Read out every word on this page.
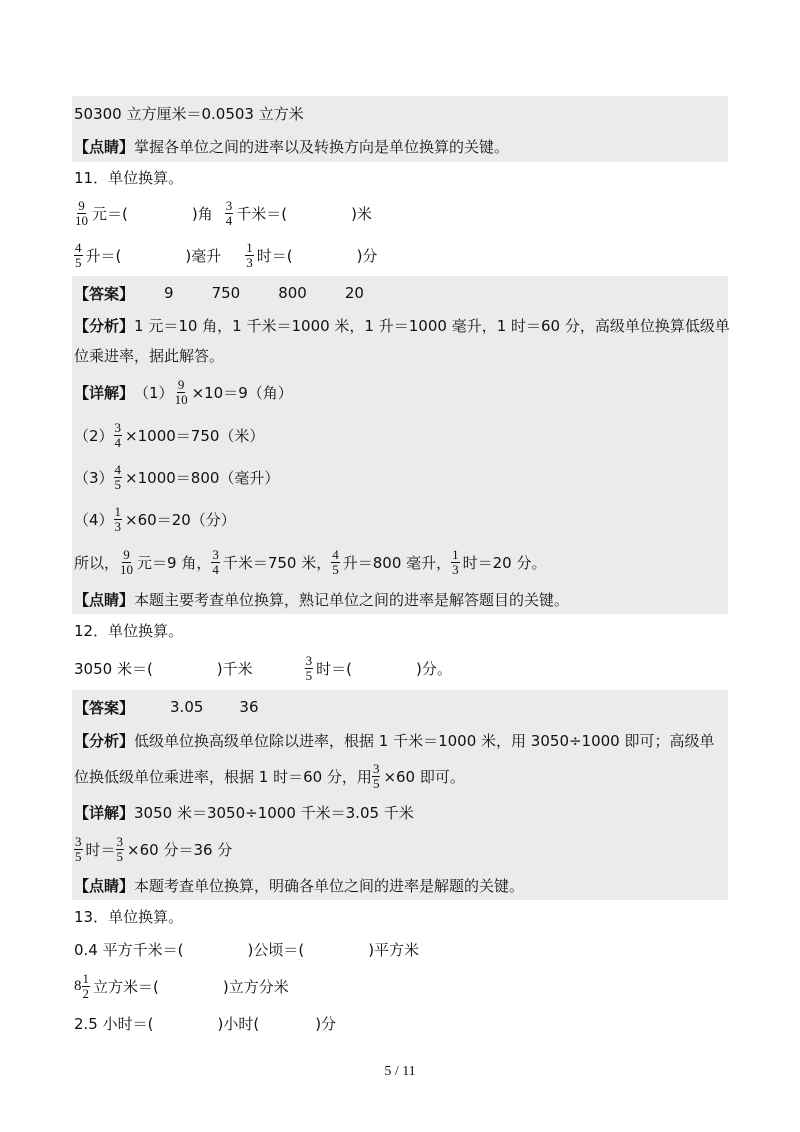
50300 立方厘米＝0.0503 立方米
【点睛】 掌握各单位之间的进率以及转换方向是单位换算的关键。
11．单位换算。
$\frac{9}{10}$ 元＝(	)角 $\frac{3}{4}$ 千米＝(	)米
$\frac{4}{5}$ 升＝(	)毫升 $\frac{1}{3}$ 时＝(	)分
【答案】 9	750	800	20
【分析】 1 元＝10 角，1 千米＝1000 米，1 升＝1000 毫升，1 时＝60 分，高级单位换算低级单
位乘进率，据此解答。
【详解】 $(1) \frac{9}{10} \times 10=9$（角）
$(2) \frac{3}{4} \times 1000=750$（米）
$(3) \frac{4}{5} \times 1000=800$（毫升）
$(4) \frac{1}{3} \times 60=20$（分）
所以， $\frac{9}{10}$ 元＝9 角， $\frac{3}{4}$ 千米＝750 米， $\frac{4}{5}$ 升＝800 毫升， $\frac{1}{3}$ 时＝20 分。
【点睛】 本题主要考查单位换算，熟记单位之间的进率是解答题目的关键。
12．单位换算。
3050 米＝(	)千米	$\frac{3}{5}$ 时＝(	)分。
【答案】 3.05 36
【分析】 低级单位换高级单位除以进率，根据 1 千米＝1000 米，用 3050÷1000 即可；高级单
位换低级单位乘进率，根据 1 时＝60 分，用 $\frac{3}{5} \times 60$ 即可。
【详解】 3050 米＝3050÷1000 千米＝3.05 千米
$\frac{3}{5}$ 时＝ $\frac{3}{5} \times 60$ 分＝36 分
【点睛】 本题考查单位换算，明确各单位之间的进率是解题的关键。
13．单位换算。
0.4 平方千米＝(	)公顷＝(	)平方米
$8 \frac{1}{2}$ 立方米＝(	)立方分米
2.5 小时＝(	)小时(	)分
5 / 11
